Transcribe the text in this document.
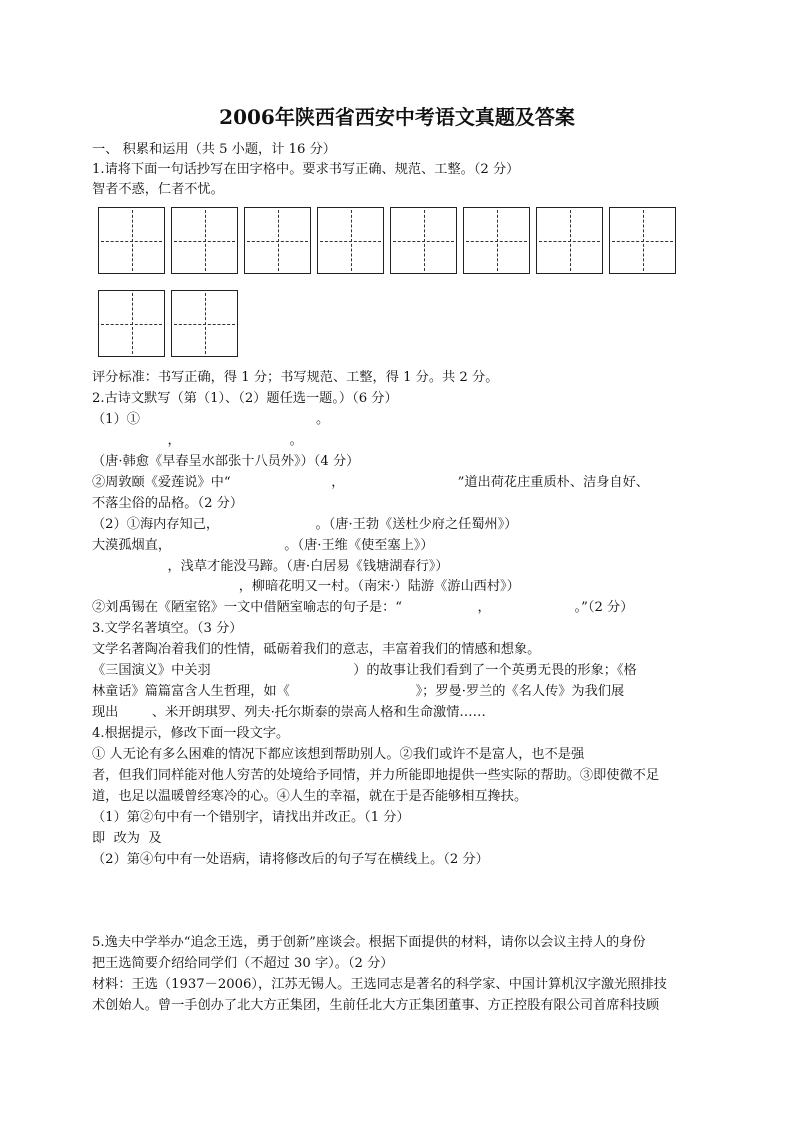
2006年陕西省西安中考语文真题及答案
一、 积累和运用（共 5 小题，计 16 分）
1.请将下面一句话抄写在田字格中。要求书写正确、规范、工整。（2 分）
智者不惑，仁者不忧。
评分标准：书写正确，得 1 分；书写规范、工整，得 1 分。共 2 分。
2.古诗文默写（第（1）、（2）题任选一题。）（6 分）
（1）①                                          。
，                          。
（唐·韩愈《早春呈水部张十八员外》）（4 分）
②周敦颐《爱莲说》中“                        ，                           ”道出荷花庄重质朴、洁身自好、
不落尘俗的品格。（2 分）
（2）①海内存知己，                       。（唐·王勃《送杜少府之任蜀州》）
大漠孤烟直，                           。（唐·王维《使至塞上》）
，浅草才能没马蹄。（唐·白居易《钱塘湖春行》）
，柳暗花明又一村。（南宋·）陆游《游山西村》）
②刘禹锡在《陋室铭》一文中借陋室喻志的句子是：“                  ，                    。”（2 分）
3.文学名著填空。（3 分）
文学名著陶冶着我们的性情，砥砺着我们的意志，丰富着我们的情感和想象。
《三国演义》中关羽                                  ）的故事让我们看到了一个英勇无畏的形象；《格
林童话》篇篇富含人生哲理，如《                              》；罗曼·罗兰的《名人传》为我们展
现出        、米开朗琪罗、列夫·托尔斯泰的崇高人格和生命激情……
4.根据提示，修改下面一段文字。
① 人无论有多么困难的情况下都应该想到帮助别人。②我们或许不是富人，也不是强
者，但我们同样能对他人穷苦的处境给予同情，并力所能即地提供一些实际的帮助。③即使微不足
道，也足以温暖曾经寒冷的心。④人生的幸福，就在于是否能够相互搀扶。
（1）第②句中有一个错别字，请找出并改正。（1 分）
即  改为  及
（2）第④句中有一处语病，请将修改后的句子写在横线上。（2 分）
5.逸夫中学举办“追念王选，勇于创新”座谈会。根据下面提供的材料，请你以会议主持人的身份
把王选简要介绍给同学们（不超过 30 字）。（2 分）
材料：王选（1937－2006），江苏无锡人。王选同志是著名的科学家、中国计算机汉字激光照排技
术创始人。曾一手创办了北大方正集团，生前任北大方正集团董事、方正控股有限公司首席科技顾
